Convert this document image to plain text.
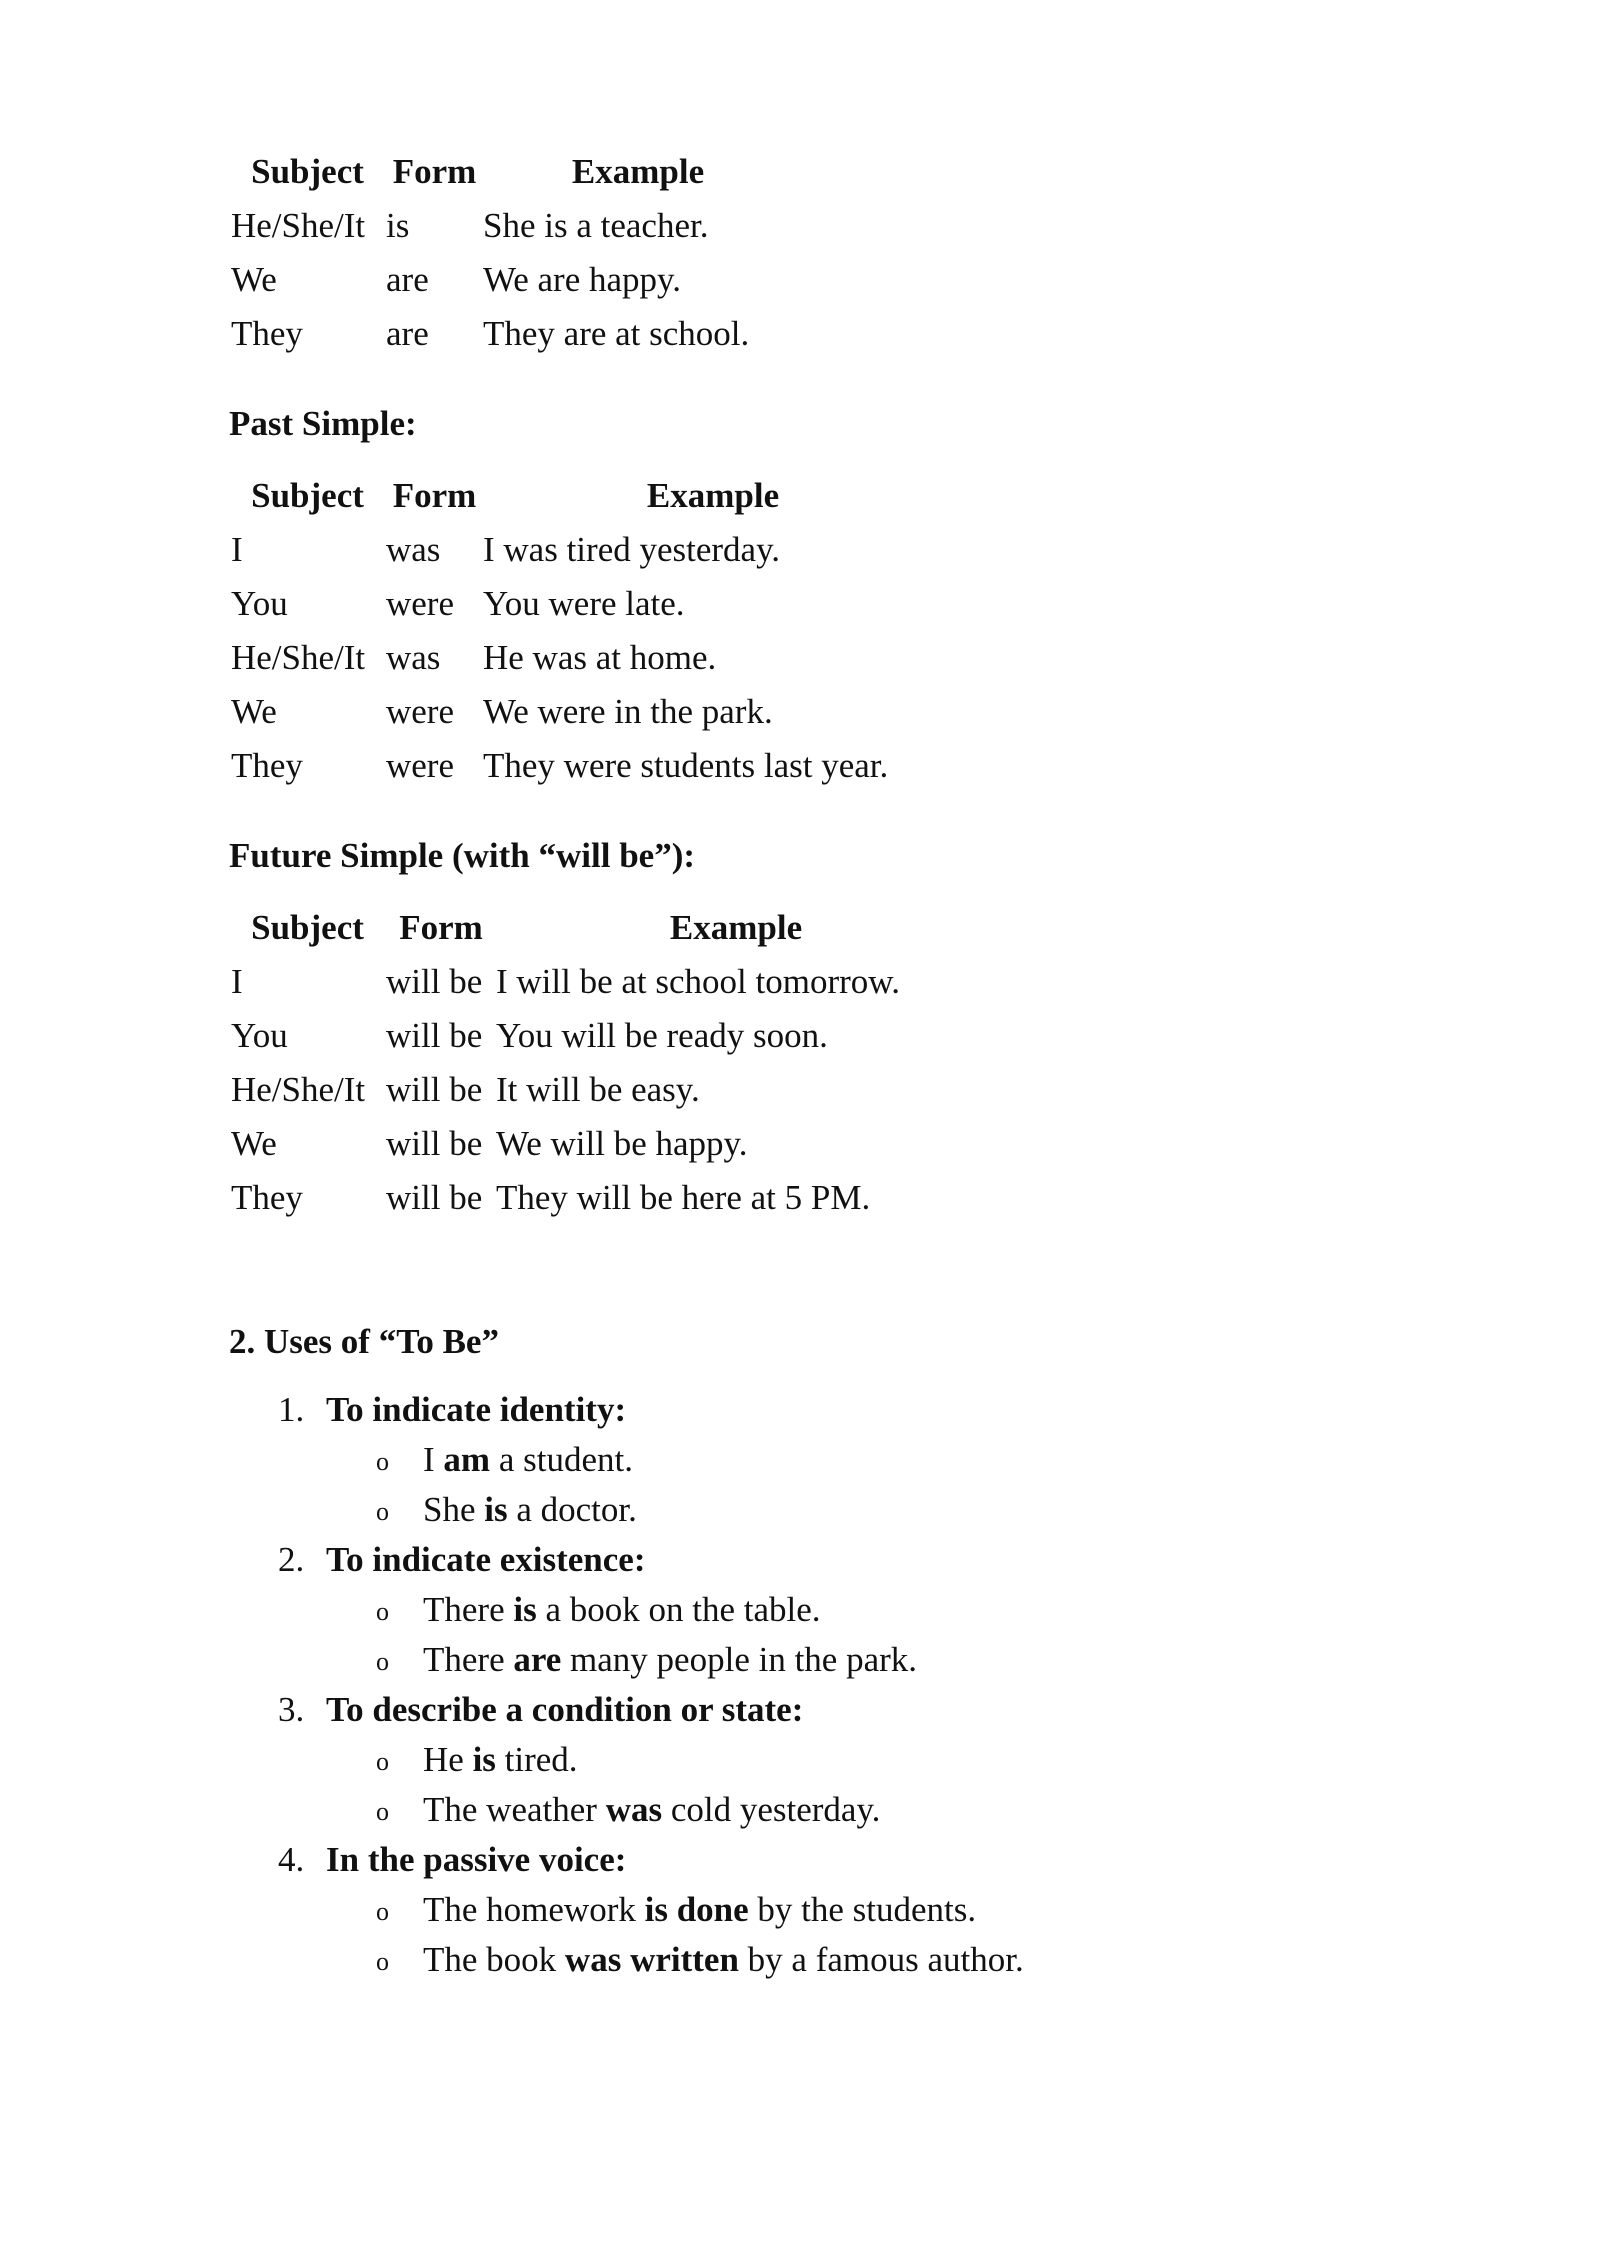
Subject	Form	Example
He/She/It	is	She is a teacher.
We	are	We are happy.
They	are	They are at school.

Past Simple:

Subject	Form	Example
I	was	I was tired yesterday.
You	were	You were late.
He/She/It	was	He was at home.
We	were	We were in the park.
They	were	They were students last year.

Future Simple (with “will be”):

Subject	Form	Example
I	will be	I will be at school tomorrow.
You	will be	You will be ready soon.
He/She/It	will be	It will be easy.
We	will be	We will be happy.
They	will be	They will be here at 5 PM.

2. Uses of “To Be”

1. To indicate identity:
o I am a student.
o She is a doctor.
2. To indicate existence:
o There is a book on the table.
o There are many people in the park.
3. To describe a condition or state:
o He is tired.
o The weather was cold yesterday.
4. In the passive voice:
o The homework is done by the students.
o The book was written by a famous author.
